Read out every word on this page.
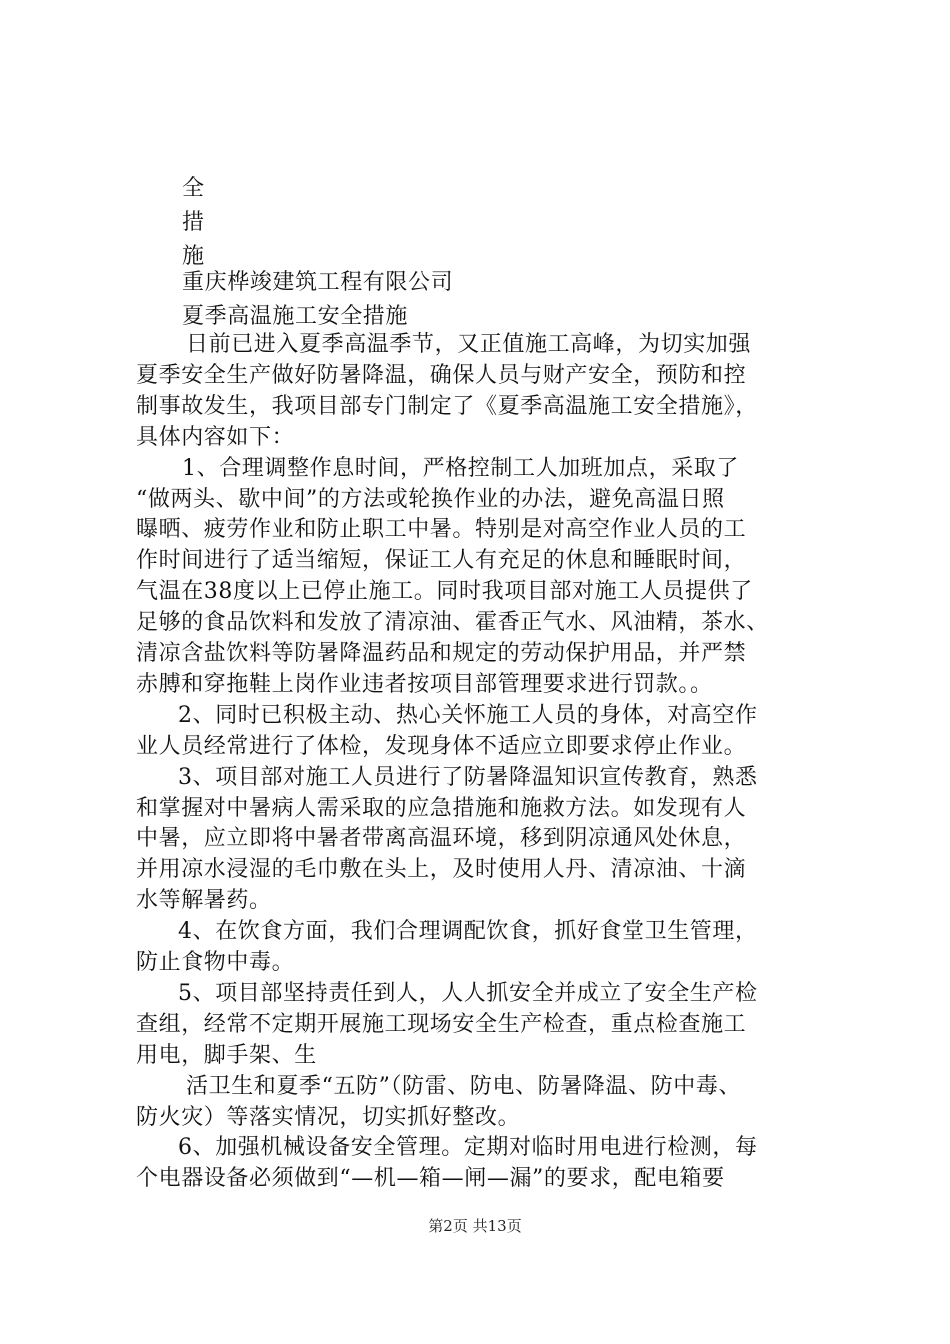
全
措
施
重庆桦竣建筑工程有限公司
夏季高温施工安全措施
日前已进入夏季高温季节，又正值施工高峰，为切实加强
夏季安全生产做好防暑降温，确保人员与财产安全，预防和控
制事故发生，我项目部专门制定了《夏季高温施工安全措施》，
具体内容如下：
1、合理调整作息时间，严格控制工人加班加点，采取了
“做两头、歇中间”的方法或轮换作业的办法，避免高温日照
曝晒、疲劳作业和防止职工中暑。特别是对高空作业人员的工
作时间进行了适当缩短，保证工人有充足的休息和睡眠时间，
气温在38度以上已停止施工。同时我项目部对施工人员提供了
足够的食品饮料和发放了清凉油、霍香正气水、风油精，茶水、
清凉含盐饮料等防暑降温药品和规定的劳动保护用品，并严禁
赤膊和穿拖鞋上岗作业违者按项目部管理要求进行罚款。。
2、同时已积极主动、热心关怀施工人员的身体，对高空作
业人员经常进行了体检，发现身体不适应立即要求停止作业。
3、项目部对施工人员进行了防暑降温知识宣传教育，熟悉
和掌握对中暑病人需采取的应急措施和施救方法。如发现有人
中暑，应立即将中暑者带离高温环境，移到阴凉通风处休息，
并用凉水浸湿的毛巾敷在头上，及时使用人丹、清凉油、十滴
水等解暑药。
4、在饮食方面，我们合理调配饮食，抓好食堂卫生管理，
防止食物中毒。
5、项目部坚持责任到人，人人抓安全并成立了安全生产检
查组，经常不定期开展施工现场安全生产检查，重点检查施工
用电，脚手架、生
活卫生和夏季“五防”（防雷、防电、防暑降温、防中毒、
防火灾）等落实情况，切实抓好整改。
6、加强机械设备安全管理。定期对临时用电进行检测，每
个电器设备必须做到“—机—箱—闸—漏”的要求，配电箱要
第2页 共13页
